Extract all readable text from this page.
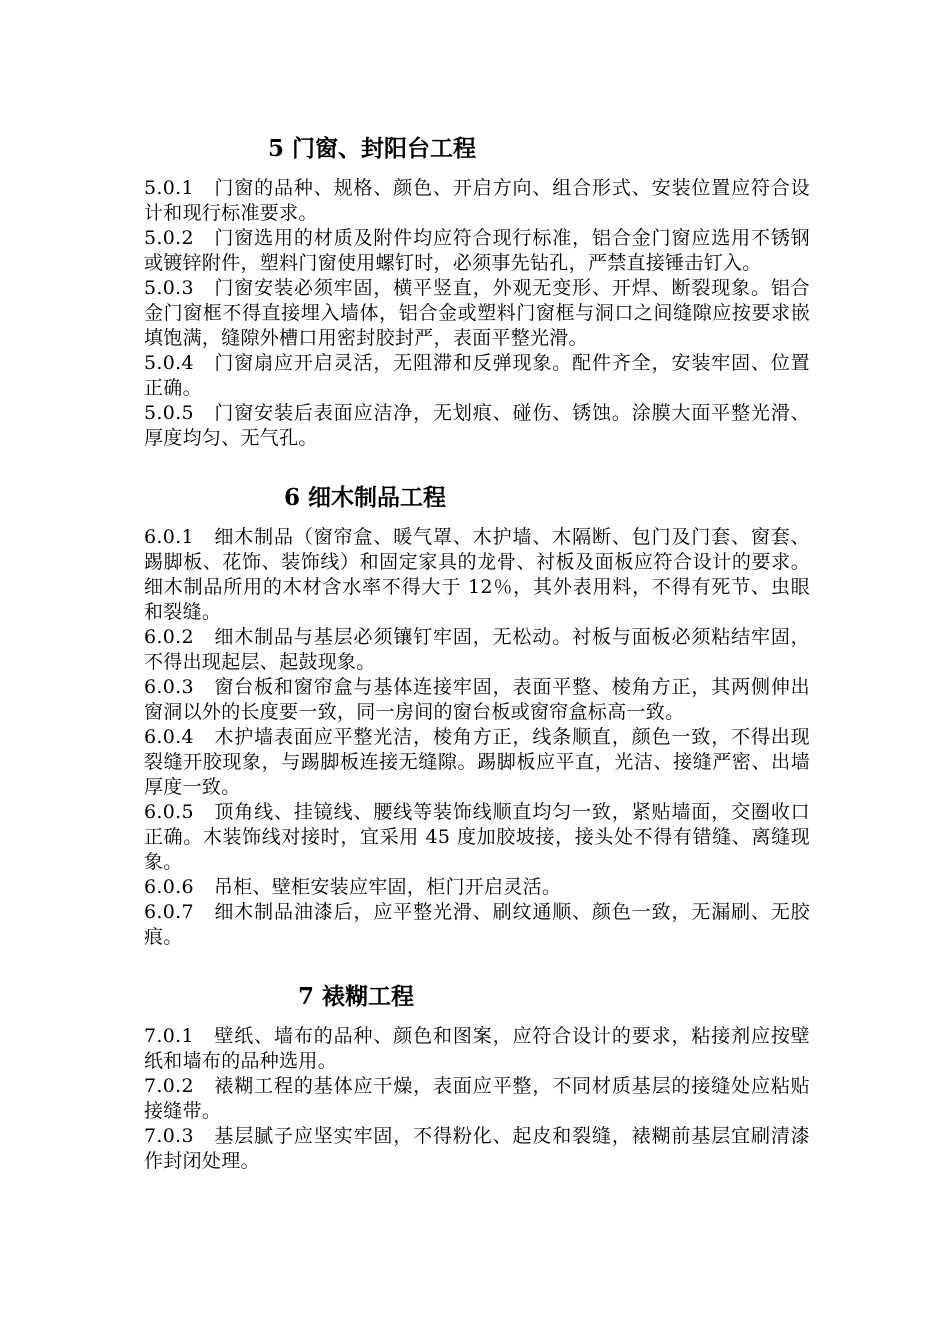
5 门窗、封阳台工程

5.0.1 门窗的品种、规格、颜色、开启方向、组合形式、安装位置应符合设计和现行标准要求。

5.0.2 门窗选用的材质及附件均应符合现行标准，铝合金门窗应选用不锈钢或镀锌附件，塑料门窗使用螺钉时，必须事先钻孔，严禁直接锤击钉入。

5.0.3 门窗安装必须牢固，横平竖直，外观无变形、开焊、断裂现象。铝合金门窗框不得直接埋入墙体，铝合金或塑料门窗框与洞口之间缝隙应按要求嵌填饱满，缝隙外槽口用密封胶封严，表面平整光滑。

5.0.4 门窗扇应开启灵活，无阻滞和反弹现象。配件齐全，安装牢固、位置正确。

5.0.5 门窗安装后表面应洁净，无划痕、碰伤、锈蚀。涂膜大面平整光滑、厚度均匀、无气孔。

6 细木制品工程

6.0.1 细木制品（窗帘盒、暖气罩、木护墙、木隔断、包门及门套、窗套、踢脚板、花饰、装饰线）和固定家具的龙骨、衬板及面板应符合设计的要求。细木制品所用的木材含水率不得大于 12％，其外表用料，不得有死节、虫眼和裂缝。

6.0.2 细木制品与基层必须镶钉牢固，无松动。衬板与面板必须粘结牢固，不得出现起层、起鼓现象。

6.0.3 窗台板和窗帘盒与基体连接牢固，表面平整、棱角方正，其两侧伸出窗洞以外的长度要一致，同一房间的窗台板或窗帘盒标高一致。

6.0.4 木护墙表面应平整光洁，棱角方正，线条顺直，颜色一致，不得出现裂缝开胶现象，与踢脚板连接无缝隙。踢脚板应平直，光洁、接缝严密、出墙厚度一致。

6.0.5 顶角线、挂镜线、腰线等装饰线顺直均匀一致，紧贴墙面，交圈收口正确。木装饰线对接时，宜采用 45 度加胶坡接，接头处不得有错缝、离缝现象。

6.0.6 吊柜、壁柜安装应牢固，柜门开启灵活。

6.0.7 细木制品油漆后，应平整光滑、刷纹通顺、颜色一致，无漏刷、无胶痕。

7 裱糊工程

7.0.1 壁纸、墙布的品种、颜色和图案，应符合设计的要求，粘接剂应按壁纸和墙布的品种选用。

7.0.2 裱糊工程的基体应干燥，表面应平整，不同材质基层的接缝处应粘贴接缝带。

7.0.3 基层腻子应坚实牢固，不得粉化、起皮和裂缝，裱糊前基层宜刷清漆作封闭处理。
